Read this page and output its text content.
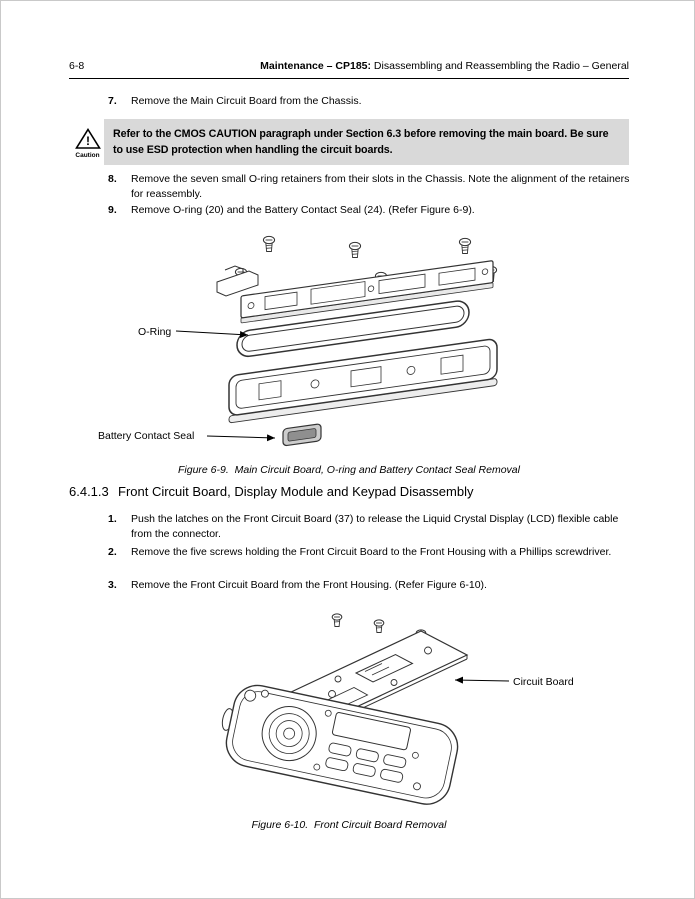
6-8	Maintenance – CP185: Disassembling and Reassembling the Radio – General
7.	Remove the Main Circuit Board from the Chassis.
!
Caution
Refer to the CMOS CAUTION paragraph under Section 6.3 before removing the main board. Be sure to use ESD protection when handling the circuit boards.
8.	Remove the seven small O-ring retainers from their slots in the Chassis. Note the alignment of the retainers for reassembly.
9.	Remove O-ring (20) and the Battery Contact Seal (24). (Refer Figure 6-9).
O-Ring
Battery Contact Seal
Figure 6-9.  Main Circuit Board, O-ring and Battery Contact Seal Removal
6.4.1.3 Front Circuit Board, Display Module and Keypad Disassembly
1.	Push the latches on the Front Circuit Board (37) to release the Liquid Crystal Display (LCD) flexible cable from the connector.
2.	Remove the five screws holding the Front Circuit Board to the Front Housing with a Phillips screwdriver.
3.	Remove the Front Circuit Board from the Front Housing. (Refer Figure 6-10).
Circuit Board
Figure 6-10.  Front Circuit Board Removal
